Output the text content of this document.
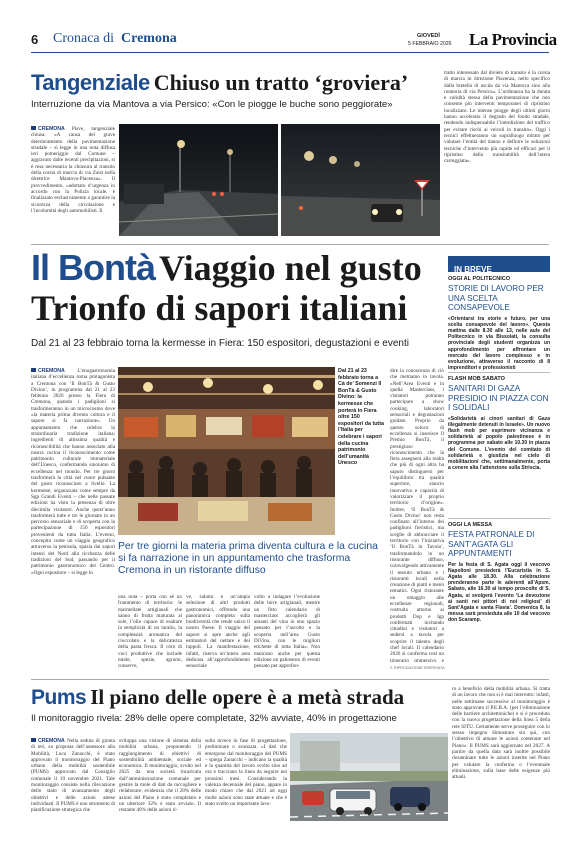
6 Cronaca di Cremona	GIOVEDÌ
5 FEBBRAIO 2026 La Provincia
Tangenziale Chiuso un tratto ‘groviera’
Interruzione da via Mantova a via Persico: «Con le piogge le buche sono peggiorate»
CREMONA Pisve, tangenziale chiusa. «A causa del grave deterioramento della pavimentazione stradale – si legge in una nota diffusa ieri pomeriggio dal Comune – aggravato dalle recenti precipitazioni, si è resa necessaria la chiusura al transito della corsia di marcia di via Zaist nella direttrice Mantova-Piacenza». Il provvedimento, «adottato d’urgenza in accordo con la Polizia locale, è finalizzato esclusivamente a garantire la sicurezza della circolazione e l’incolumità degli automobilisti. Il
tratto interessato dal divieto di transito è la corsia di marcia in direzione Piacenza, nello specifico dalla bretella di uscita da via Mantova sino alla rotatoria di via Persico». L’ordinanza ha la durata e validità stessa della pavimentazione che non consente più interventi temporanei di ripristino localizzato. Le intense piogge degli ultimi giorni hanno accelerato il degrado del fondo stradale, rendendo indispensabile l’interdizione del traffico per evitare rischi ai veicoli in transito». Oggi i tecnici effettueranno un sopralluogo mirato per valutare l’entità del danno e definire le soluzioni tecniche d’intervento più rapide ed efficaci per il ripristino della transitabilità dell’intera carreggiata».
Il Bontà Viaggio nel gusto
Trionfo di sapori italiani
Dal 21 al 23 febbraio torna la kermesse in Fiera: 150 espositori, degustazioni e eventi
CREMONA L’enogastronomia italiana d’eccellenza torna protagonista a Cremona con ‘Il BonTà & Gusto Divino’, in programma dal 21 al 23 febbraio 2026 presso la Fiera di Cremona, quando i padiglioni si trasformeranno in un microcosmo dove «la materia prima diventa cultura e il sapore si fa narrazione». Un appuntamento che celebra la straordinaria tradizione italiana: ingredienti di altissima qualità e riconoscibilità che hanno associato alla nostra cucina il riconoscimento come patrimonio culturale immateriale dell’Unesco, confermando sinonimo di eccellenza nel mondo. Per tre giorni trasformerà la città nel cuore pulsante del gusto riconosciuto a livello. La kermesse, organizzata come sempre da Sgp Grandi Eventi – che nelle passate edizioni ha visto la presenza di oltre diecimila visitatori. Anche quest’anno trasformerà tutte e tre le giornate in un percorso sensoriale e di scoperta con la partecipazione di 150 espositori provenienti da tutta Italia. L’evento, concepito come un viaggio geografico attraverso la penisola, spazia dai sapori intensi del Nord alla ricchezza delle tradizioni del Sud, passando per il patrimonio gastronomico del Centro. «Ogni espositore – si legge in
Dal 21 al 23 febbraio torna a Cà de’ Somenzi Il BonTà & Gusto Divino: la kermesse che porterà in Fiera oltre 150 espositori da tutta l’Italia per celebrare i sapori della cucina patrimonio dell’umanità Unesco
Per tre giorni la materia prima diventa cultura e la cucina si fa narrazione in un appuntamento che trasforma Cremona in un ristorante diffuso
una nota – porta con sé un frammento di territorio: le marmellate artigianali che sanno di frutta maturata al sole, l’olio capace di esaltare la semplicità di un taralio, la complessità aromatica del cioccolato e la delicatezza della pasta fresca. Il coro di voci produttive che include miele, spezie, agrumi, conserve,
ve, salumi e un’ampia selezione di altri prodotti gastronomici, offrendo una panoramica completa sulla biodiversità che rende unico il nostro Paese. Il viaggio del sapore si apre anche agli estimatori del nettare e dei luppoli. La manifestazione, infatti, riserva un’intera area dedicata all’approfondimento sensoriale
volto a indagare l’evoluzione delle birre artigianali, mentre un fitto calendario di masterclass accoglierà gli amanti del vino in uno spazio pensato per l’ascolto e la scoperta nell’area Gusto DiVino, con le migliori etichette di tutta Italia». Non mancano anche per questa edizione un palinsesto di eventi pensato per approfon-
dire la conoscenza di ciò che mettiamo in tavola. «Nell’Area Eventi e in quella Masterclass, i visitatori potranno partecipare a show cooking, laboratori sensoriali e degustazioni guidate. Proprio da questo soloco di eccellenza si inserisce Il Premio BonTà, il prestigioso riconoscimento che la fiera assegnerà alla realtà che più di ogni altra ha saputo distinguersi per l’equilibrio tra qualità superiore, slancio innovativo e capacità di valorizzare il proprio territorio d’origine». Inoltre, ‘Il BonTà & Gusto Divino’ non resta confinato all’interno dei padiglioni fieristici, ma sceglie di abbracciare il territorio con l’iniziativa ‘Il BonTà in Tavola’, trasformandolo in un ristorante diffuso, coinvolgendo attivamente il tessuto urbano e i ristoranti locali nella creazione di piatti e menù tematici. Ogni ristorante un omaggio alle eccellenze regionali, costruita attorno ai prodotti Dop e Igp confermati invitando cittadini e visitatori a sedersi a tavola per scoprire il talento degli chef locali. Il calendario 2026 si conferma così un itinerario immersivo e
© RIPRODUZIONE RISERVATA
IN BREVE
OGGI AL POLITECNICO
STORIE DI LAVORO PER UNA SCELTA CONSAPEVOLE
«Orientarsi tra storie e futuro, per una scelta consapevole del lavoro». Questa mattina dalle 8.30 alle 13, nelle aule del Politecnico in via Bissolati, la consulta provinciale degli studenti organizza un approfondimento per affrontare un mercato del lavoro complesso e in evoluzione, attraverso il racconto di 8 imprenditori e professionisti
FLASH MOB SABATO
SANITARI DI GAZA PRESIDIO IN PIAZZA CON I SOLIDALI
«Solidarietà ai cinori sanitari di Gaza illegalmente detenuti in Israele». Un nuovo flash mob per esprimere vicinanza e solidarietà al popolo palestinese è in programma per sabato alle 10.30 in piazza del Comune. L’evento del comitato di solidarietà e giustizia nel cielo di mobilitazioni che, settimanalmente, porta a cenere alta l’attenzione sulla Striscia.
OGGI LA MESSA
FESTA PATRONALE DI SANT’AGATA GLI APPUNTAMENTI
Per la festa di S. Agata oggi il vescovo Napolioni presiederà l’Eucaristia in S. Agata alle 18.30. Alla celebrazione prenderanno parte le aderenti all’Apsm. Sabato, alle 16.30 al tempo proscolte di S. Agata, si svolgerà l’evento ‘La devozione ai santi nei pittori di noi religiosi’ di Sant’Agata e santa Flavia’. Domenica 8, la messa sarà presieduta alle 10 dal vescovo don Scaramp.
Pums Il piano delle opere è a metà strada
Il monitoraggio rivela: 28% delle opere completate, 32% avviate, 40% in progettazione
CREMONA Nella seduta di giunta di ieri, su proposta dell’assessore alla Mobilità, Luca Zanacchi, è stato approvato il monitoraggio del Piano urbano della mobilità sostenibile (PUMS) approvato dal Consiglio comunale il 19 novembre 2021. Tale monitoraggio consiste nella rilevazione dello stato di avanzamento degli obiettivi e delle azioni attese individuati. Il PUMS è uno strumento di pianificazione strategica che
sviluppa una visione di sistema della mobilità urbana, proponendo il raggiungimento di obiettivi di sostenibilità ambientale, sociale ed economica. Il monitoraggio, svolto nel 2025 da una società incaricata dall’amministrazione comunale per gestire la mole di dati da raccogliere e rielaborare, evidenzia che il 28% delle azioni del Piano è stato completato e un ulteriore 32% è stato avviato. Il restante 40% delle azioni ri-
sulta invece in fase di progettazione, preliminare o avanzata. «I dati che emergono dal monitoraggio del PUMS – spiega Zanacchi – indicano la qualità e la quantità del lavoro svolto sino ad ora e tracciano la linea da seguire nei prossimi mesi. Considerando la valenza decennale del piano, appare in modo chiaro che dal 2021 ad oggi molte azioni sono state attuate e che è stato svolto un importante lavo-
ro a beneficio della mobilità urbana. Si tratta di un lavoro che non si è mai interrotto: infatti, nelle settimane successive al monitoraggio è stato approvato il P.E.B.A. (per l’eliminazione delle barriere architettoniche) e si è proceduto con la nuova progettazione della linea 5 della rete SITU. Certamente serve proseguire con lo stesso impegno dimostrato sin qui, con l’obiettivo di attuare le azioni contenute nel Piano». Il PUMS sarà aggiornato nel 2027. A partire da quella data sarà inoltre possibile riesaminare tutte le azioni inserite nel Piano per valutare la conferma o l’eventuale eliminazione, sulla base delle esigenze più attuali.
